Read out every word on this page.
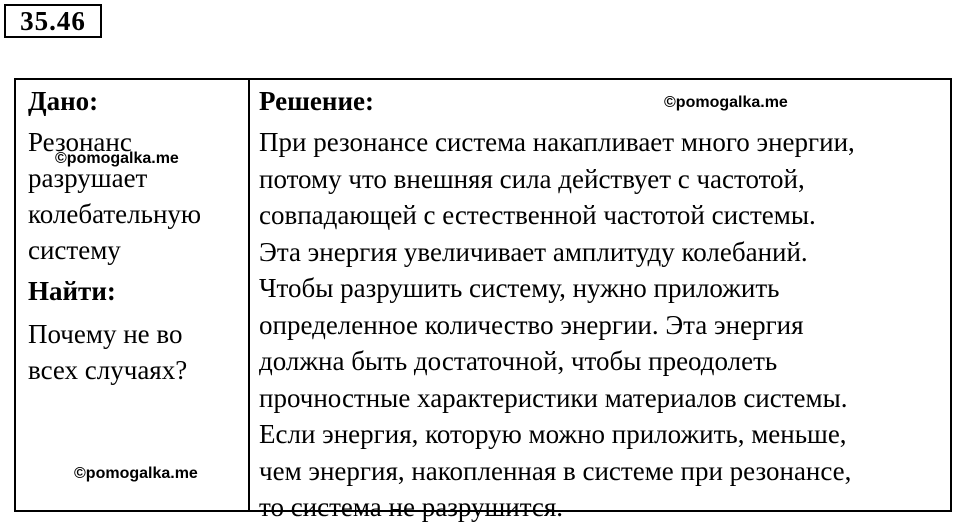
35.46
Дано:
Резонанс
разрушает
колебательную
систему
Найти:
Почему не во
всех случаях?
Решение:
При резонансе система накапливает много энергии,
потому что внешняя сила действует с частотой,
совпадающей с естественной частотой системы.
Эта энергия увеличивает амплитуду колебаний.
Чтобы разрушить систему, нужно приложить
определенное количество энергии. Эта энергия
должна быть достаточной, чтобы преодолеть
прочностные характеристики материалов системы.
Если энергия, которую можно приложить, меньше,
чем энергия, накопленная в системе при резонансе,
то система не разрушится.
©pomogalka.me
©pomogalka.me
©pomogalka.me
